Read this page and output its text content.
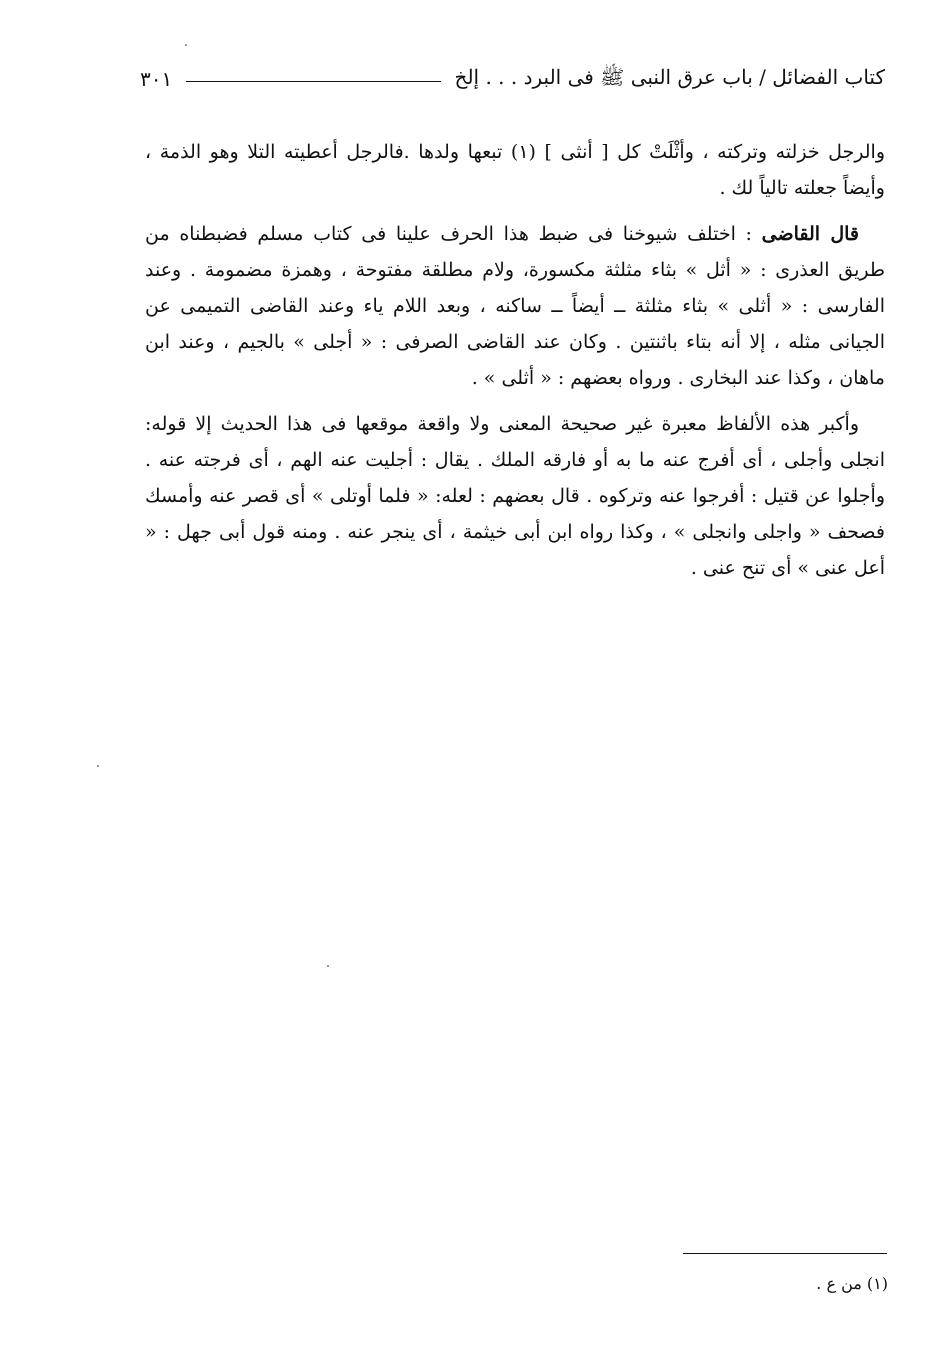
كتاب الفضائل / باب عرق النبى ﷺ فى البرد . . . إلخ
٣٠١

والرجل خزلته وتركته ، وأثْلَتْ كل [ أنثى ] (١) تبعها ولدها .فالرجل أعطيته التلا وهو الذمة ، وأيضاً جعلته تالياً لك .

قال القاضى : اختلف شيوخنا فى ضبط هذا الحرف علينا فى كتاب مسلم فضبطناه من طريق العذرى : « أثل » بثاء مثلثة مكسورة، ولام مطلقة مفتوحة ، وهمزة مضمومة . وعند الفارسى : « أثلى » بثاء مثلثة ــ أيضاً ــ ساكنه ، وبعد اللام ياء وعند القاضى التميمى عن الجيانى مثله ، إلا أنه بتاء باثنتين . وكان عند القاضى الصرفى : « أجلى » بالجيم ، وعند ابن ماهان ، وكذا عند البخارى . ورواه بعضهم : « أثلى » .

وأكبر هذه الألفاظ معبرة غير صحيحة المعنى ولا واقعة موقعها فى هذا الحديث إلا قوله: انجلى وأجلى ، أى أفرج عنه ما به أو فارقه الملك . يقال : أجليت عنه الهم ، أى فرجته عنه . وأجلوا عن قتيل : أفرجوا عنه وتركوه . قال بعضهم : لعله: « فلما أوتلى » أى قصر عنه وأمسك فصحف « واجلى وانجلى » ، وكذا رواه ابن أبى خيثمة ، أى ينجر عنه . ومنه قول أبى جهل : « أعل عنى » أى تنح عنى .

(١) من ع .
